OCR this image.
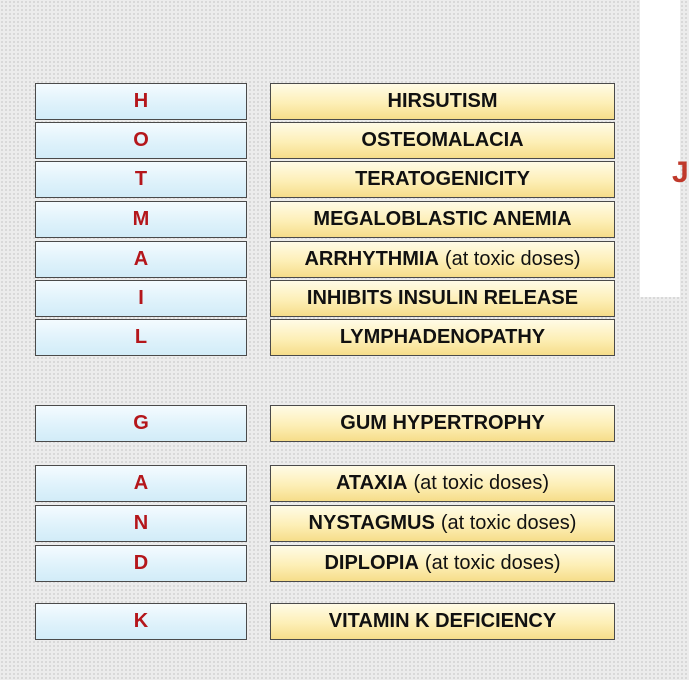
J
H	HIRSUTISM
O	OSTEOMALACIA
T	TERATOGENICITY
M	MEGALOBLASTIC ANEMIA
A	ARRHYTHMIA (at toxic doses)
I	INHIBITS INSULIN RELEASE
L	LYMPHADENOPATHY
G	GUM HYPERTROPHY
A	ATAXIA (at toxic doses)
N	NYSTAGMUS (at toxic doses)
D	DIPLOPIA (at toxic doses)
K	VITAMIN K DEFICIENCY
